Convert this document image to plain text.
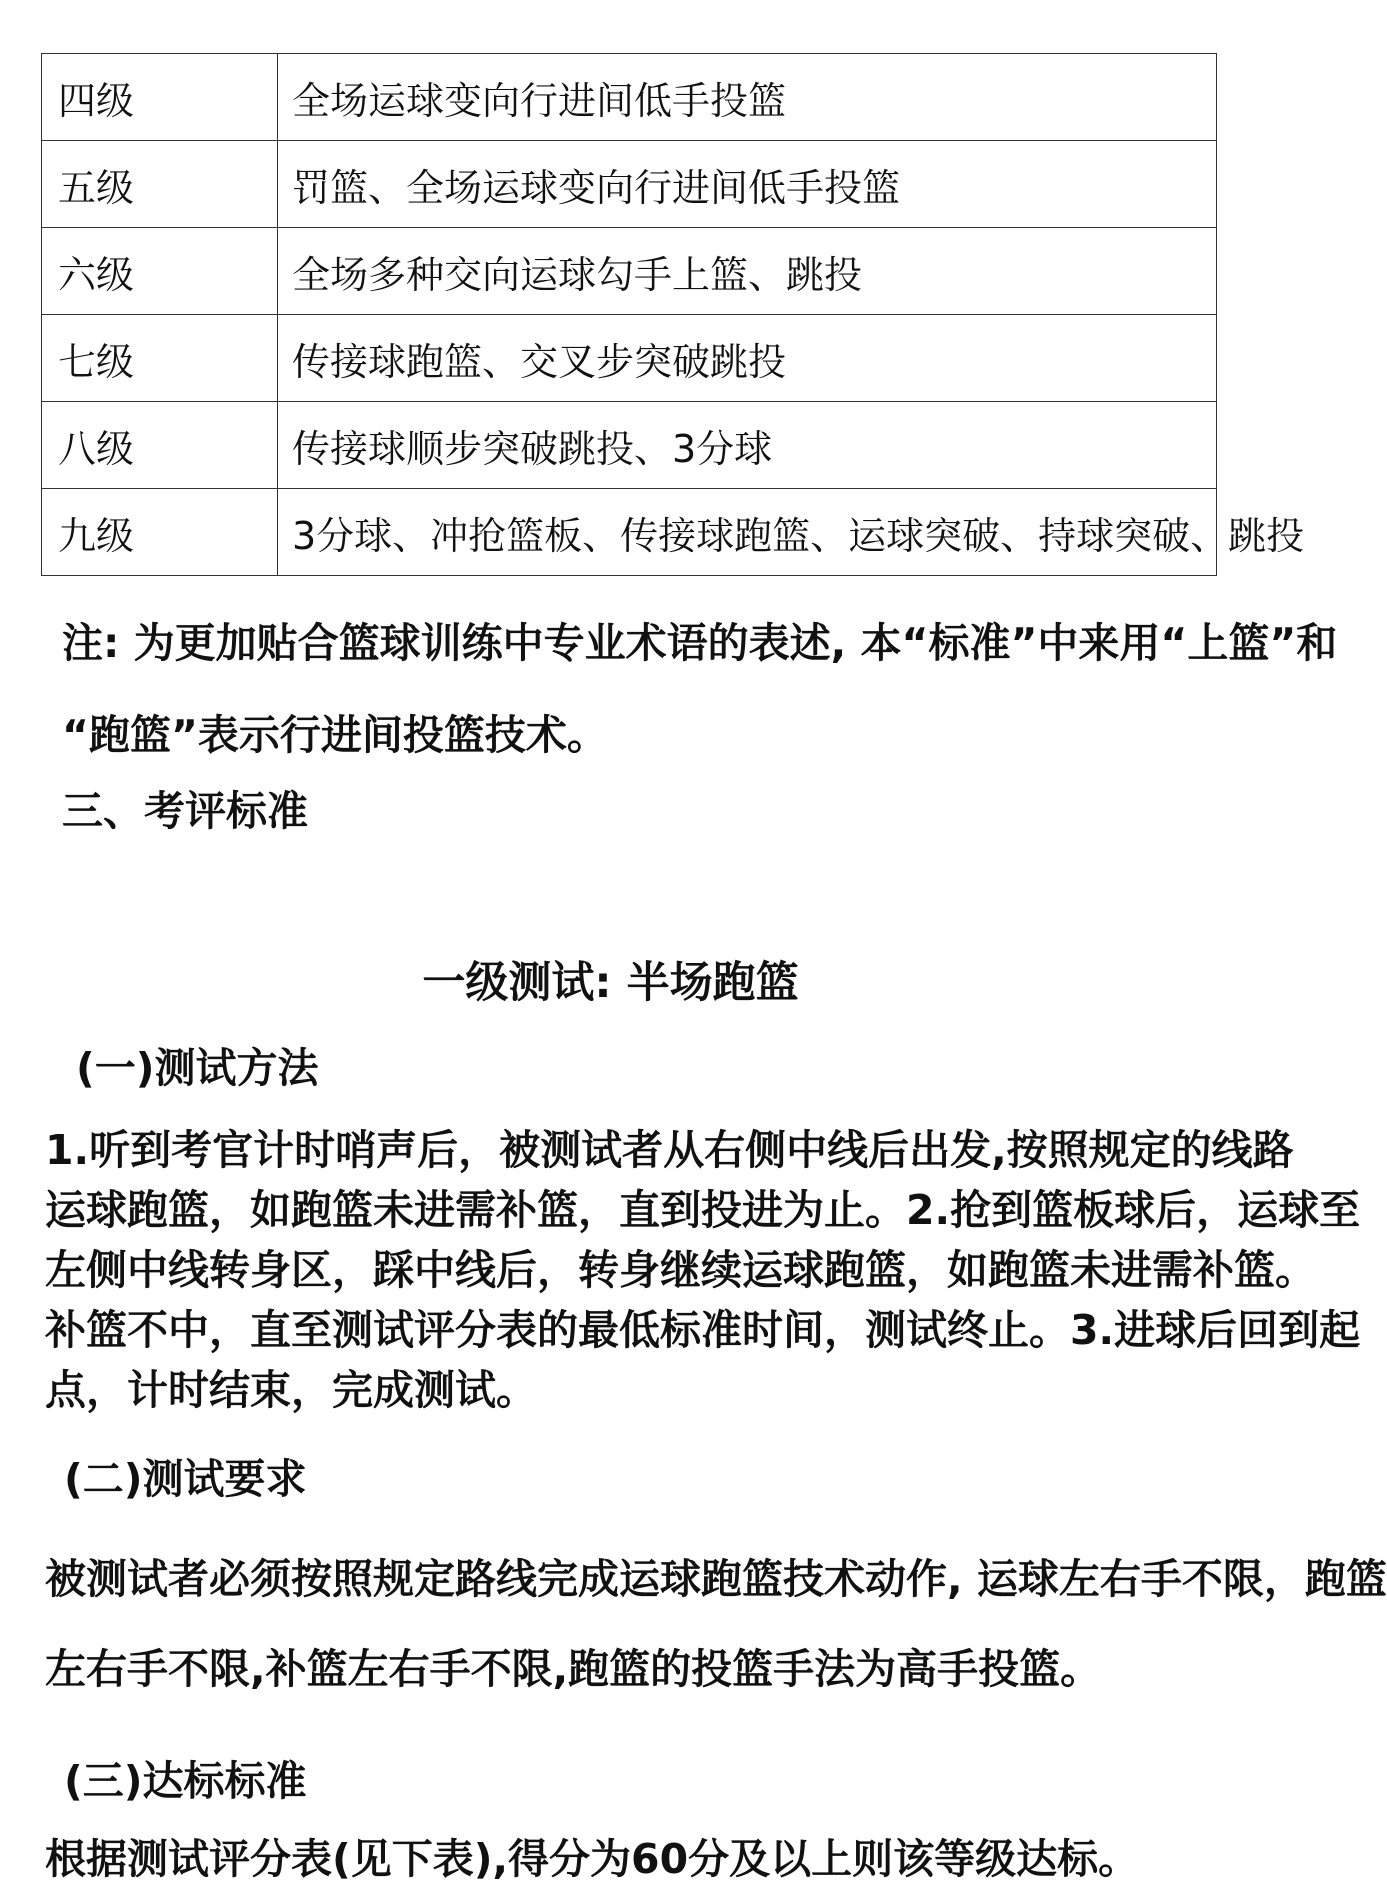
四级	全场运球变向行进间低手投篮
五级	罚篮、全场运球变向行进间低手投篮
六级	全场多种交向运球勾手上篮、跳投
七级	传接球跑篮、交叉步突破跳投
八级	传接球顺步突破跳投、3分球
九级	3分球、冲抢篮板、传接球跑篮、运球突破、持球突破、跳投

注: 为更加贴合篮球训练中专业术语的表述, 本“标准”中来用“上篮”和

“跑篮”表示行进间投篮技术。

三、考评标准

一级测试: 半场跑篮

(一)测试方法

1.听到考官计时哨声后，被测试者从右侧中线后出发,按照规定的线路

运球跑篮，如跑篮未进需补篮，直到投进为止。2.抢到篮板球后，运球至

左侧中线转身区，踩中线后，转身继续运球跑篮，如跑篮未进需补篮。

补篮不中，直至测试评分表的最低标准时间，测试终止。3.进球后回到起

点，计时结束，完成测试。

(二)测试要求

被测试者必须按照规定路线完成运球跑篮技术动作, 运球左右手不限，跑篮

左右手不限,补篮左右手不限,跑篮的投篮手法为高手投篮。

(三)达标标准

根据测试评分表(见下表),得分为60分及以上则该等级达标。
